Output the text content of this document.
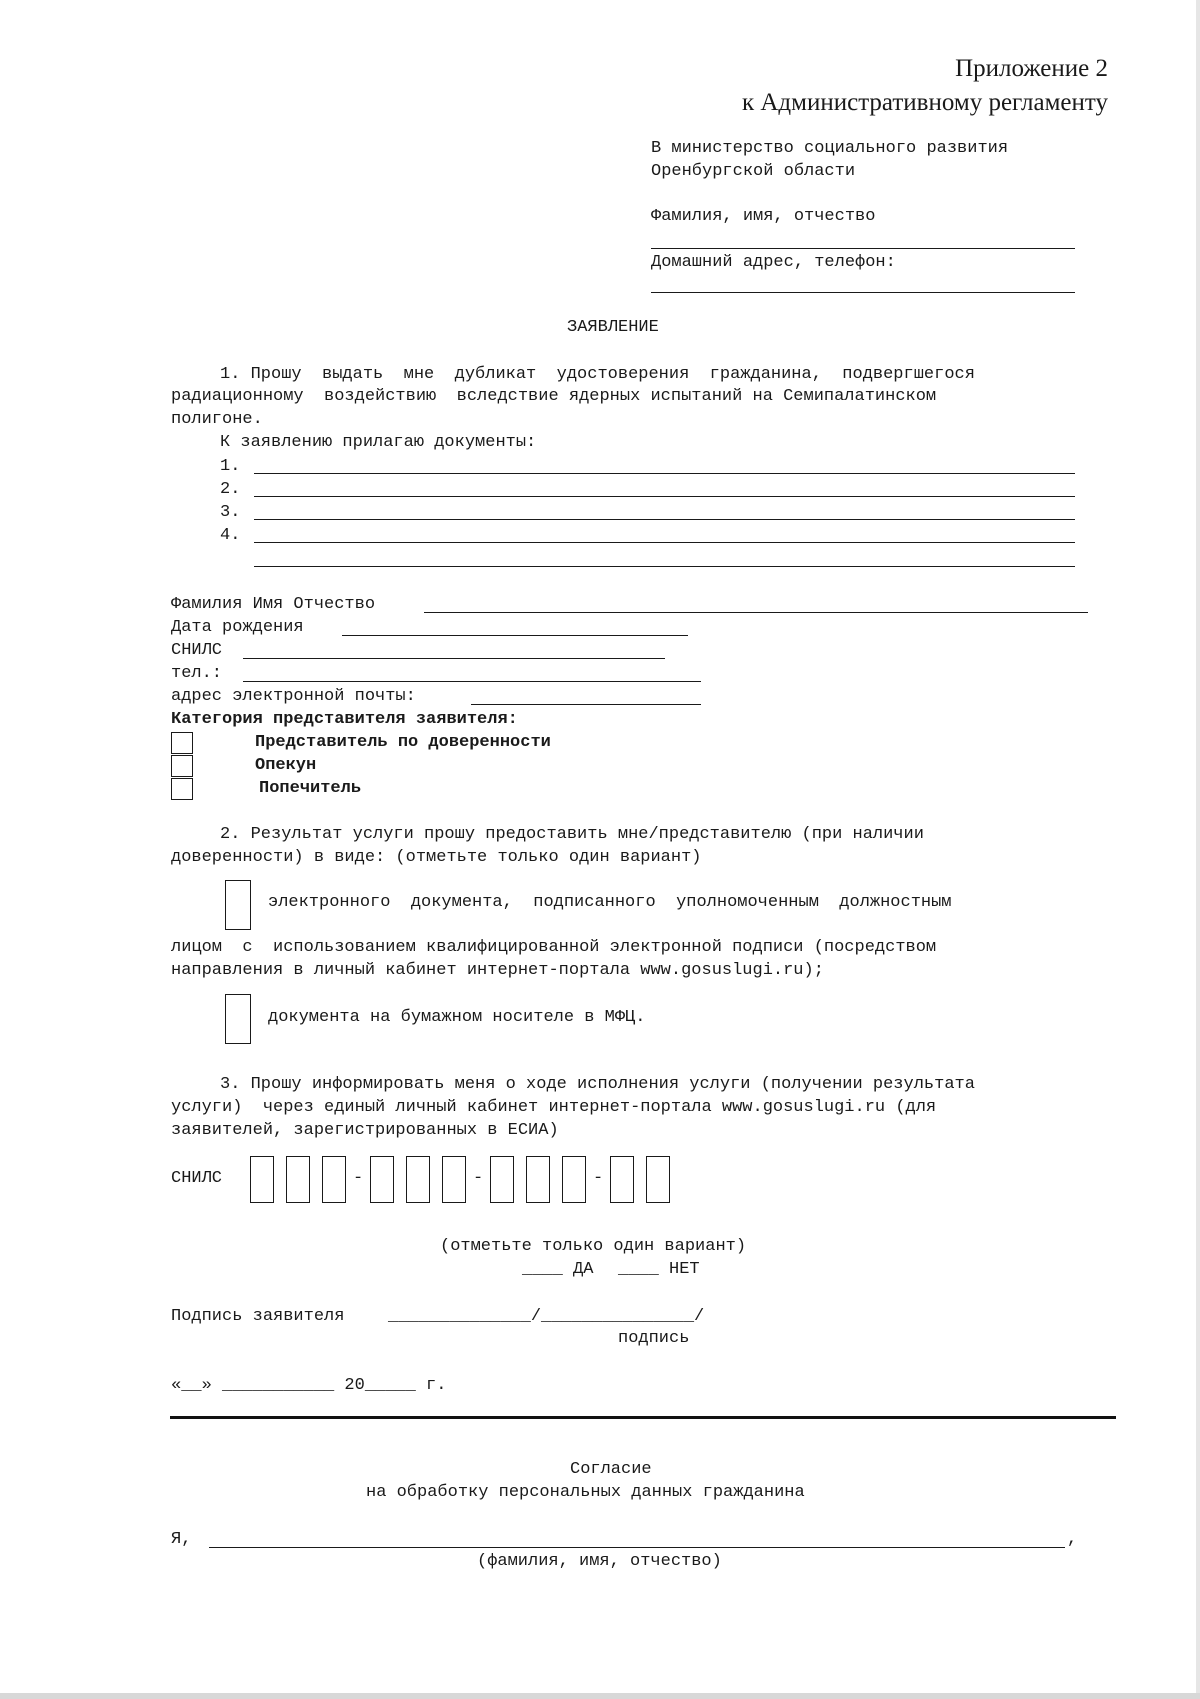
Приложение 2
к Административному регламенту
В министерство социального развития
Оренбургской области
Фамилия, имя, отчество
Домашний адрес, телефон:
ЗАЯВЛЕНИЕ
1. Прошу  выдать  мне  дубликат  удостоверения  гражданина,  подвергшегося
радиационному  воздействию  вследствие ядерных испытаний на Семипалатинском
полигоне.
К заявлению прилагаю документы:
1.
2.
3.
4.
Фамилия Имя Отчество
Дата рождения
СНИЛС
тел.:
адрес электронной почты:
Категория представителя заявителя:
Представитель по доверенности
Опекун
Попечитель
2. Результат услуги прошу предоставить мне/представителю (при наличии
доверенности) в виде: (отметьте только один вариант)
электронного  документа,  подписанного  уполномоченным  должностным
лицом  с  использованием квалифицированной электронной подписи (посредством
направления в личный кабинет интернет-портала www.gosuslugi.ru);
документа на бумажном носителе в МФЦ.
3. Прошу информировать меня о ходе исполнения услуги (получении результата
услуги)  через единый личный кабинет интернет-портала www.gosuslugi.ru (для
заявителей, зарегистрированных в ЕСИА)
СНИЛС	-	-	-
(отметьте только один вариант)
____ ДА ____ НЕТ
Подпись заявителя	______________/_______________/
подпись
«__» ___________ 20_____ г.
Согласие
на обработку персональных данных гражданина
Я,	,
(фамилия, имя, отчество)
